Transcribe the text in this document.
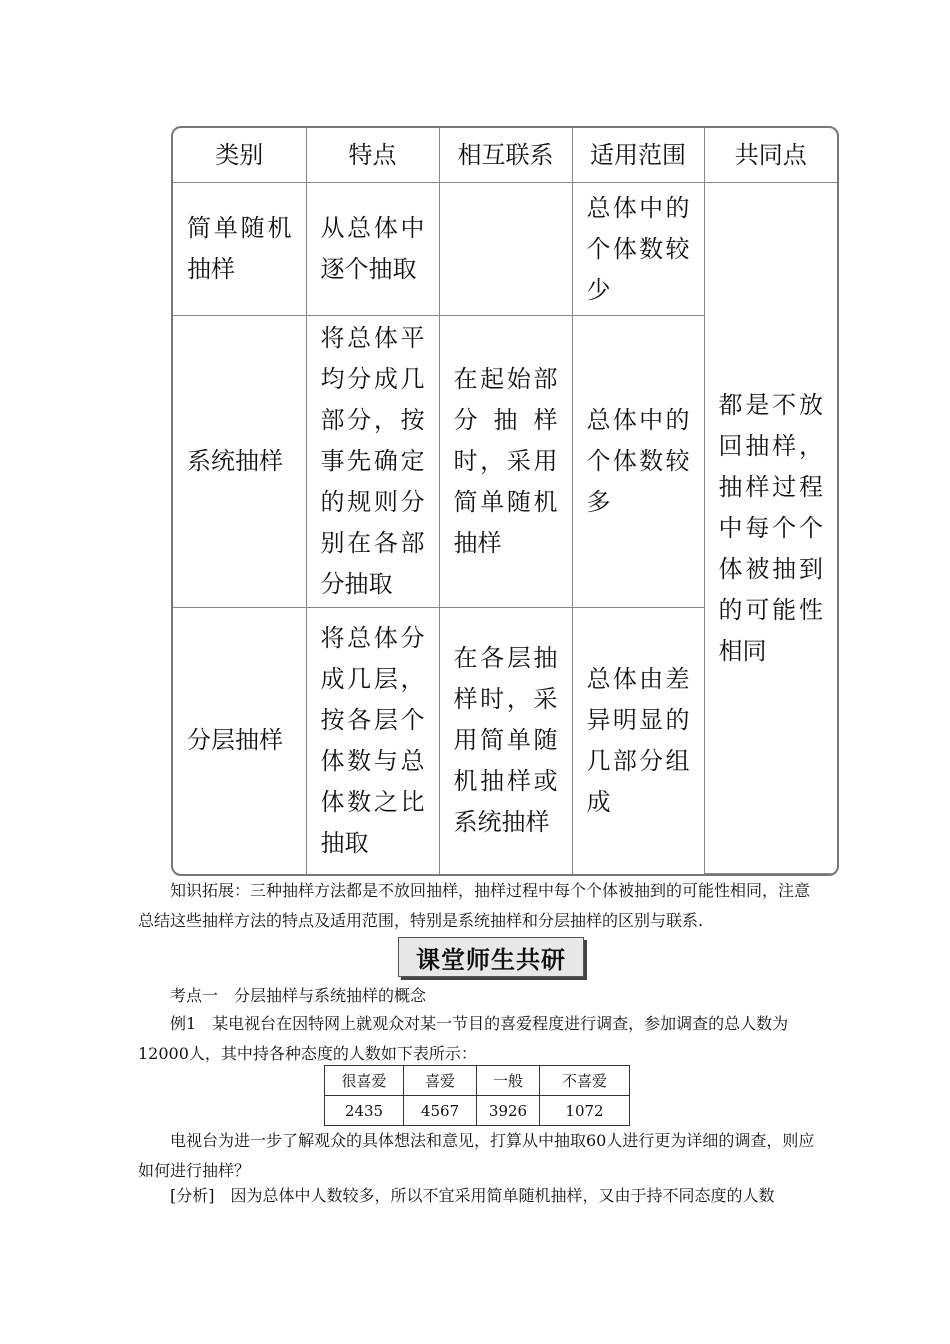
类别	特点	相互联系	适用范围	共同点

简单随机抽样	从总体中逐个抽取		总体中的个体数较少	都是不放回抽样，抽样过程中每个个体被抽到的可能性相同

系统抽样	将总体平均分成几部分，按事先确定的规则分别在各部分抽取	在起始部分抽样时，采用简单随机抽样	总体中的个体数较多	

分层抽样	将总体分成几层，按各层个体数与总体数之比抽取	在各层抽样时，采用简单随机抽样或系统抽样	总体由差异明显的几部分组成	
知识拓展：三种抽样方法都是不放回抽样，抽样过程中每个个体被抽到的可能性相同，注意总结这些抽样方法的特点及适用范围，特别是系统抽样和分层抽样的区别与联系.
课堂师生共研
考点一　分层抽样与系统抽样的概念
例1　某电视台在因特网上就观众对某一节目的喜爱程度进行调查，参加调查的总人数为12000人，其中持各种态度的人数如下表所示：
很喜爱	喜爱	一般	不喜爱
2435	4567	3926	1072
电视台为进一步了解观众的具体想法和意见，打算从中抽取60人进行更为详细的调查，则应如何进行抽样？
[分析]　因为总体中人数较多，所以不宜采用简单随机抽样，又由于持不同态度的人数
